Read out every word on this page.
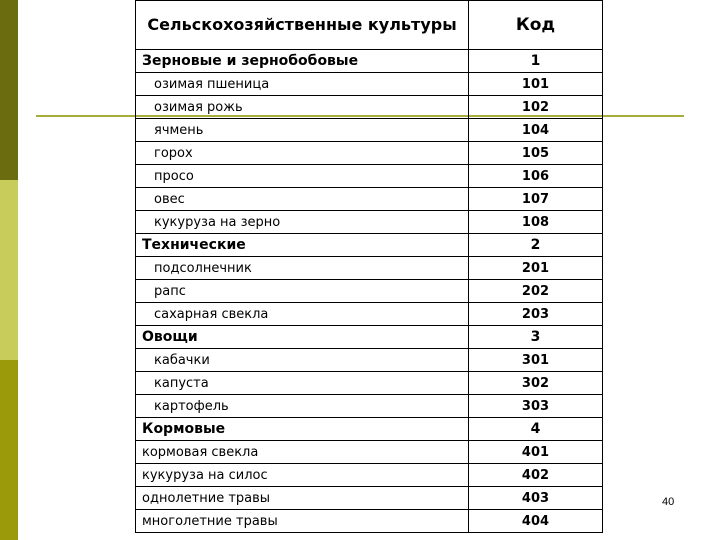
Сельскохозяйственные культуры	Код
Зерновые и зернобобовые	1
озимая пшеница	101
озимая рожь	102
ячмень	104
горох	105
просо	106
овес	107
кукуруза на зерно	108
Технические	2
подсолнечник	201
рапс	202
сахарная свекла	203
Овощи	3
кабачки	301
капуста	302
картофель	303
Кормовые	4
кормовая свекла	401
кукуруза на силос	402
однолетние травы	403
многолетние травы	404
40
